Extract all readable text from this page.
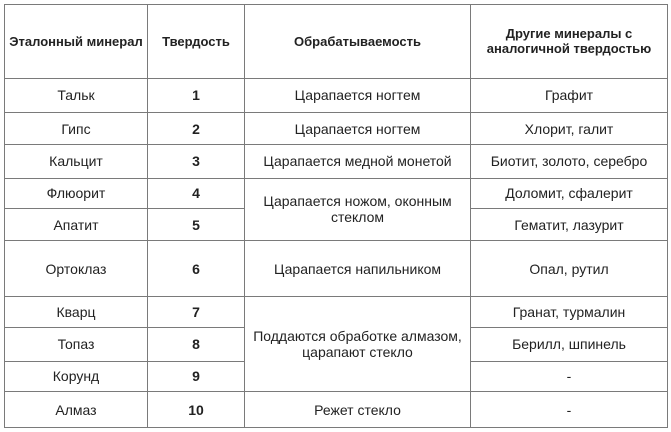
Эталонный минерал	Твердость	Обрабатываемость	Другие минералы с аналогичной твердостью
Тальк	1	Царапается ногтем	Графит
Гипс	2	Царапается ногтем	Хлорит, галит
Кальцит	3	Царапается медной монетой	Биотит, золото, серебро
Флюорит	4	Царапается ножом, оконным стеклом	Доломит, сфалерит
Апатит	5		Гематит, лазурит
Ортоклаз	6	Царапается напильником	Опал, рутил
Кварц	7	Поддаются обработке алмазом, царапают стекло	Гранат, турмалин
Топаз	8		Берилл, шпинель
Корунд	9		-
Алмаз	10	Режет стекло	-
